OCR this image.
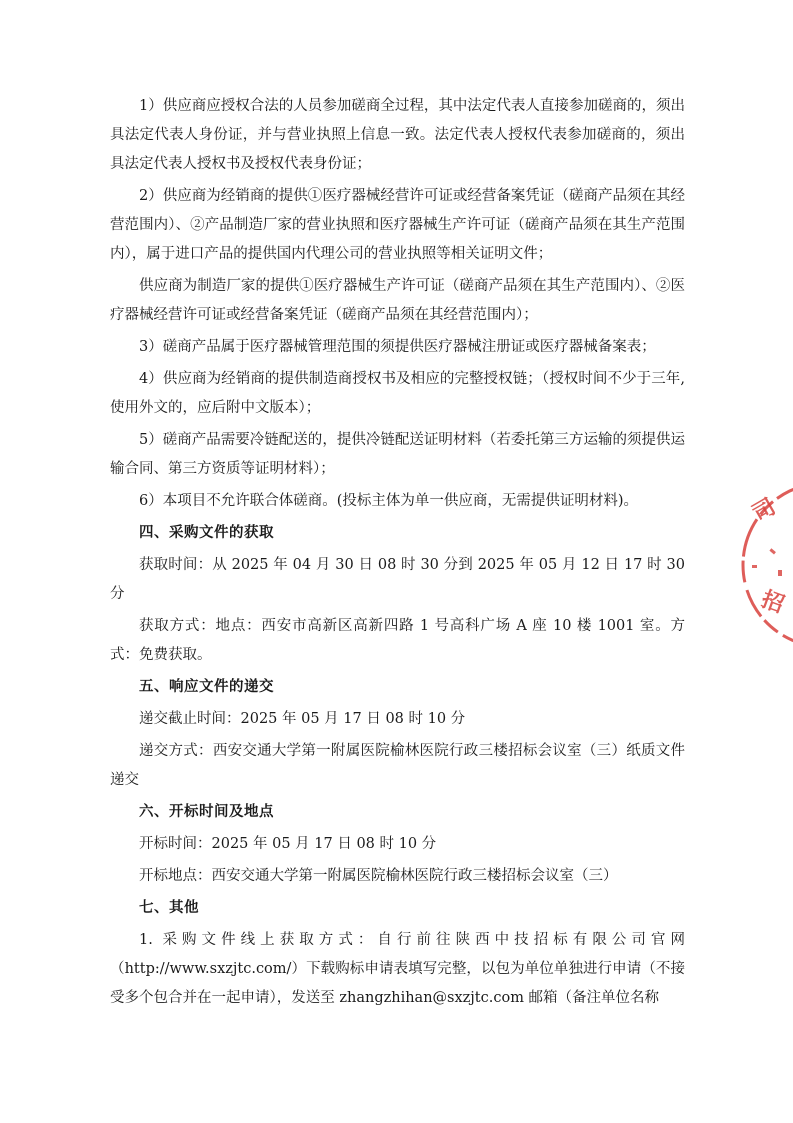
1）供应商应授权合法的人员参加磋商全过程，其中法定代表人直接参加磋商的，须出具法定代表人身份证，并与营业执照上信息一致。法定代表人授权代表参加磋商的，须出具法定代表人授权书及授权代表身份证；

2）供应商为经销商的提供①医疗器械经营许可证或经营备案凭证（磋商产品须在其经营范围内）、②产品制造厂家的营业执照和医疗器械生产许可证（磋商产品须在其生产范围内），属于进口产品的提供国内代理公司的营业执照等相关证明文件；

供应商为制造厂家的提供①医疗器械生产许可证（磋商产品须在其生产范围内）、②医疗器械经营许可证或经营备案凭证（磋商产品须在其经营范围内）；

3）磋商产品属于医疗器械管理范围的须提供医疗器械注册证或医疗器械备案表；

4）供应商为经销商的提供制造商授权书及相应的完整授权链；（授权时间不少于三年,使用外文的，应后附中文版本）；

5）磋商产品需要冷链配送的，提供冷链配送证明材料（若委托第三方运输的须提供运输合同、第三方资质等证明材料）；

6）本项目不允许联合体磋商。(投标主体为单一供应商，无需提供证明材料)。

四、采购文件的获取

获取时间：从 2025 年 04 月 30 日 08 时 30 分到 2025 年 05 月 12 日 17 时 30 分

获取方式：地点：西安市高新区高新四路 1 号高科广场 A 座 10 楼 1001 室。方式：免费获取。

五、响应文件的递交

递交截止时间：2025 年 05 月 17 日 08 时 10 分

递交方式：西安交通大学第一附属医院榆林医院行政三楼招标会议室（三）纸质文件递交

六、开标时间及地点

开标时间：2025 年 05 月 17 日 08 时 10 分

开标地点：西安交通大学第一附属医院榆林医院行政三楼招标会议室（三）

七、其他

1. 采购文件线上获取方式：自行前往陕西中技招标有限公司官网（http://www.sxzjtc.com/）下载购标申请表填写完整，以包为单位单独进行申请（不接受多个包合并在一起申请），发送至 zhangzhihan@sxzjtc.com 邮箱（备注单位名称

司
招
